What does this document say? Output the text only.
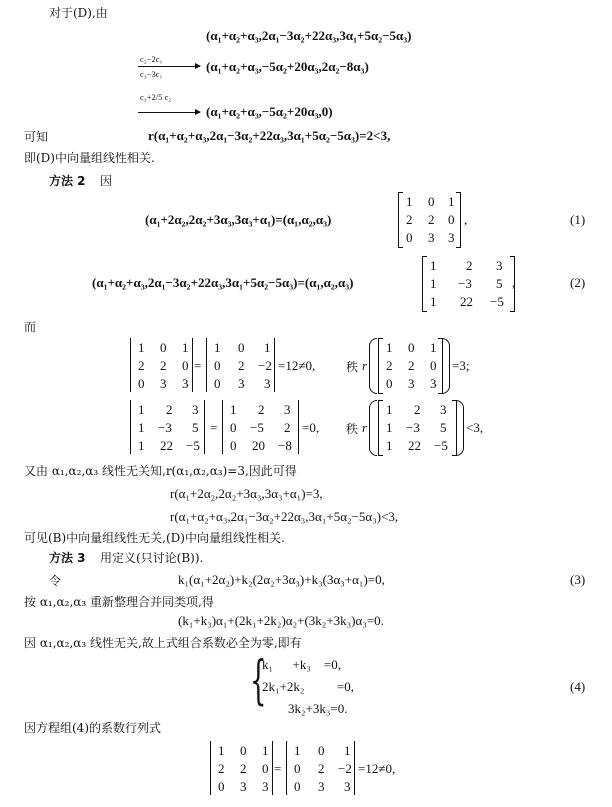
对于(D),由
(α₁+α₂+α₃,2α₁−3α₂+22α₃,3α₁+5α₂−5α₃)
c₂−2c₁
c₃−3c₁	(α₁+α₂+α₃,−5α₂+20α₃,2α₂−8α₃)
c₃+2/5 c₂
(α₁+α₂+α₃,−5α₂+20α₃,0)
可知	r(α₁+α₂+α₃,2α₁−3α₂+22α₃,3α₁+5α₂−5α₃)=2<3,
即(D)中向量组线性相关.
方法 2 因
(α₁+2α₂,2α₂+3α₃,3α₃+α₁)=(α₁,α₂,α₃)
1 0 1
2 2 0
0 3 3
,	(1)
(α₁+α₂+α₃,2α₁−3α₂+22α₃,3α₁+5α₂−5α₃)=(α₁,α₂,α₃)
1 2 3
1 −3 5
1 22 −5
,	(2)
而
1 0 1
2 2 0
0 3 3
=
1 0 1
0 2 −2
0 3 3
=12≠0,	秩 r
1 0 1
2 2 0
0 3 3
=3;
1 2 3
1 −3 5
1 22 −5
=
1 2 3
0 −5 2
0 20 −8
=0, 秩 r
1 2 3
1 −3 5
1 22 −5
<3,
又由 α₁,α₂,α₃ 线性无关知,r(α₁,α₂,α₃)=3,因此可得
r(α₁+2α₂,2α₂+3α₃,3α₃+α₁)=3,
r(α₁+α₂+α₃,2α₁−3α₂+22α₃,3α₁+5α₂−5α₃)<3,
可见(B)中向量组线性无关,(D)中向量组线性相关.
方法 3 用定义(只讨论(B)).
令	k₁(α₁+2α₂)+k₂(2α₂+3α₃)+k₃(3α₃+α₁)=0,	(3)
按 α₁,α₂,α₃ 重新整理合并同类项,得
(k₁+k₃)α₁+(2k₁+2k₂)α₂+(3k₂+3k₃)α₃=0.
因 α₁,α₂,α₃ 线性无关,故上式组合系数必全为零,即有
{
k₁      +k₃    =0,
2k₁+2k₂          =0,
3k₂+3k₃=0.
(4)
因方程组(4)的系数行列式
1 0 1
2 2 0
0 3 3
=
1 0 1
0 2 −2
0 3 3
=12≠0,
